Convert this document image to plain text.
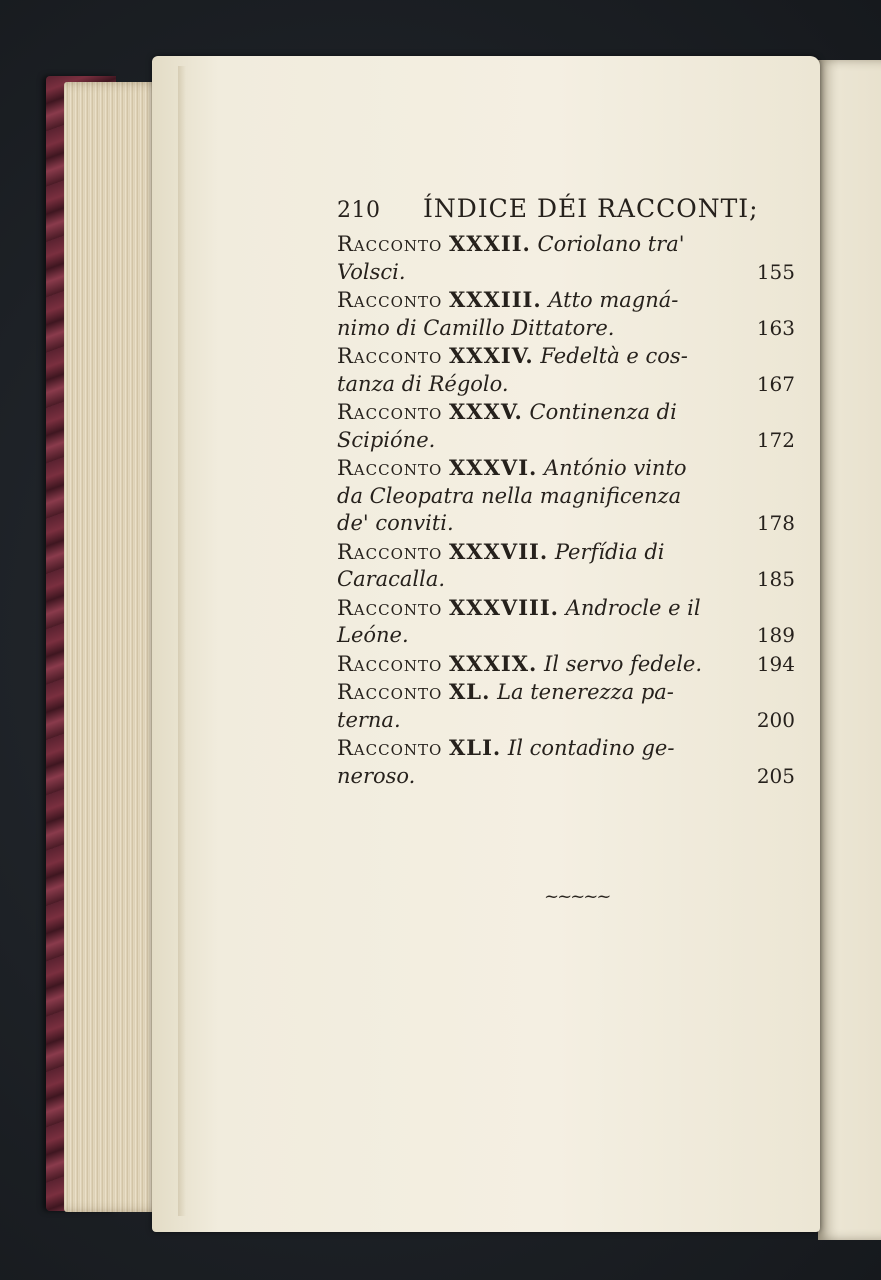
210 ÍNDICE DÉI RACCONTI;
Racconto XXXII. Coriolano tra'
Volsci.	155
Racconto XXXIII. Atto magná-
nimo di Camillo Dittatore.	163
Racconto XXXIV. Fedeltà e cos-
tanza di Régolo.	167
Racconto XXXV. Continenza di
Scipióne.	172
Racconto XXXVI. António vinto
da Cleopatra nella magnificenza
de' conviti.	178
Racconto XXXVII. Perfídia di
Caracalla.	185
Racconto XXXVIII. Androcle e il
Leóne.	189
Racconto XXXIX. Il servo fedele.	194
Racconto XL. La tenerezza pa-
terna.	200
Racconto XLI. Il contadino ge-
neroso.	205
~~~~~
